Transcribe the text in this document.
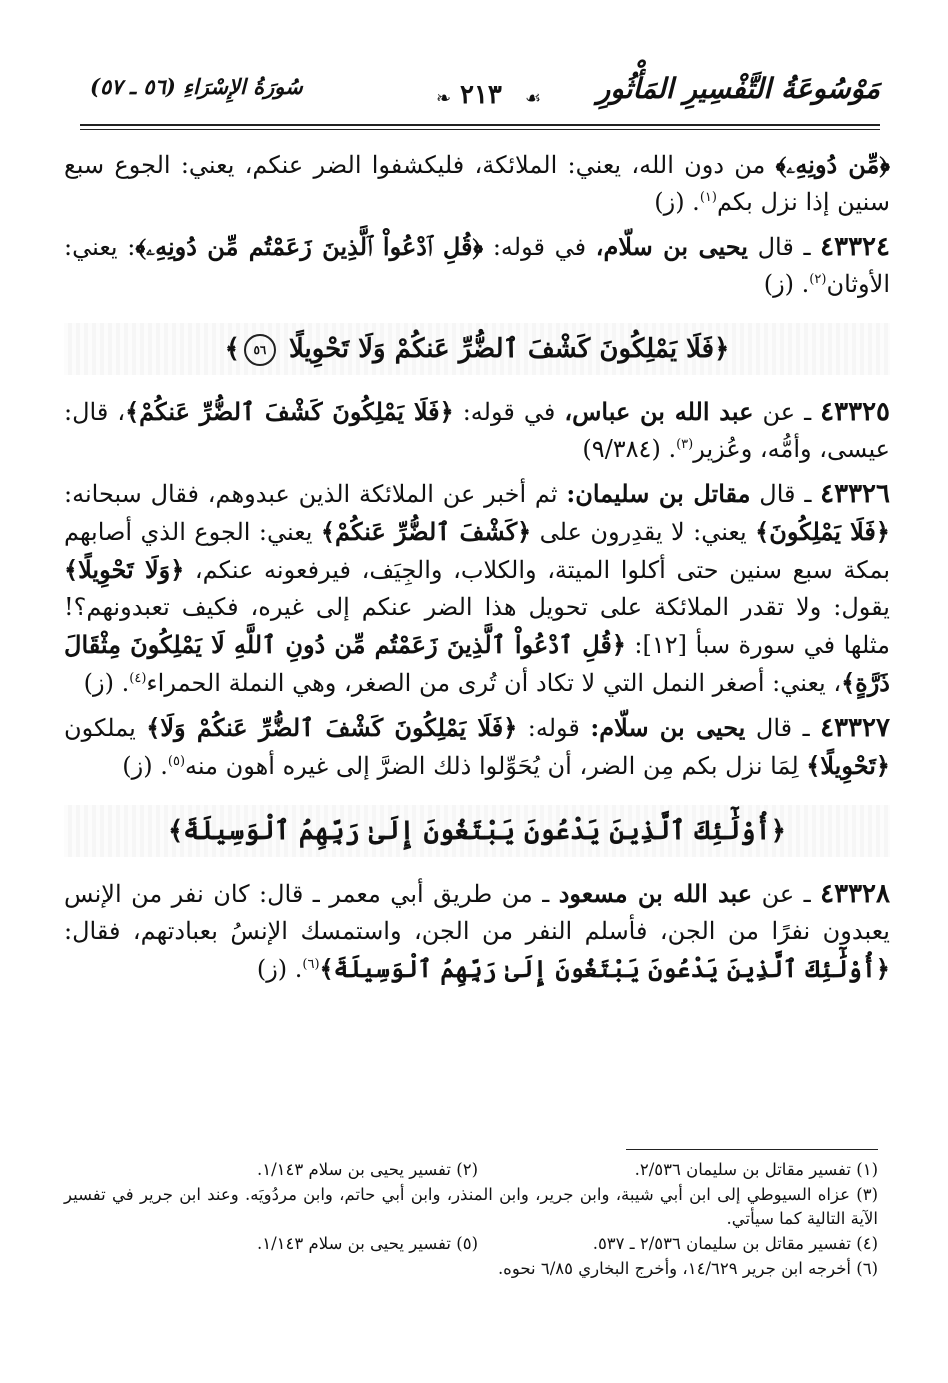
مَوْسُوعَةُ التَّفْسِيرِ المَأْثُورِ
❧ ٢١٣ ☙
سُورَةُ الإِسْرَاءِ (٥٦ ـ ٥٧)

﴿مِّن دُونِهِۦ﴾ من دون الله، يعني: الملائكة، فليكشفوا الضر عنكم، يعني: الجوع سبع سنين إذا نزل بكم$^{(١)}$. (ز)

٤٣٣٢٤ ـ قال يحيى بن سلّام، في قوله: ﴿قُلِ ٱدْعُواْ ٱلَّذِينَ زَعَمْتُم مِّن دُونِهِۦ﴾: يعني: الأوثان$^{(٢)}$. (ز)

﴿فَلَا يَمْلِكُونَ كَشْفَ ٱلضُّرِّ عَنكُمْ وَلَا تَحْوِيلًا ٥٦﴾

٤٣٣٢٥ ـ عن عبد الله بن عباس، في قوله: ﴿فَلَا يَمْلِكُونَ كَشْفَ ٱلضُّرِّ عَنكُمْ﴾، قال: عيسى، وأمُّه، وعُزير$^{(٣)}$. (٩/٣٨٤)

٤٣٣٢٦ ـ قال مقاتل بن سليمان: ثم أخبر عن الملائكة الذين عبدوهم، فقال سبحانه: ﴿فَلَا يَمْلِكُونَ﴾ يعني: لا يقدِرون على ﴿كَشْفَ ٱلضُّرِّ عَنكُمْ﴾ يعني: الجوع الذي أصابهم بمكة سبع سنين حتى أكلوا الميتة، والكلاب، والجِيَف، فيرفعونه عنكم، ﴿وَلَا تَحْوِيلًا﴾ يقول: ولا تقدر الملائكة على تحويل هذا الضر عنكم إلى غيره، فكيف تعبدونهم؟! مثلها في سورة سبأ [١٢]: ﴿قُلِ ٱدْعُواْ ٱلَّذِينَ زَعَمْتُم مِّن دُونِ ٱللَّهِ لَا يَمْلِكُونَ مِثْقَالَ ذَرَّةٍ﴾، يعني: أصغر النمل التي لا تكاد أن تُرى من الصغر، وهي النملة الحمراء$^{(٤)}$. (ز)

٤٣٣٢٧ ـ قال يحيى بن سلّام: قوله: ﴿فَلَا يَمْلِكُونَ كَشْفَ ٱلضُّرِّ عَنكُمْ وَلَا﴾ يملكون ﴿تَحْوِيلًا﴾ لِمَا نزل بكم مِن الضر، أن يُحَوِّلوا ذلك الضرَّ إلى غيره أهون منه$^{(٥)}$. (ز)

﴿أُوْلَٰٓئِكَ ٱلَّذِينَ يَدْعُونَ يَبْتَغُونَ إِلَىٰ رَبِّهِمُ ٱلْوَسِيلَةَ﴾

٤٣٣٢٨ ـ عن عبد الله بن مسعود ـ من طريق أبي معمر ـ قال: كان نفر من الإنس يعبدون نفرًا من الجن، فأسلم النفر من الجن، واستمسك الإنسُ بعبادتهم، فقال: ﴿أُوْلَٰٓئِكَ ٱلَّذِينَ يَدْعُونَ يَبْتَغُونَ إِلَىٰ رَبِّهِمُ ٱلْوَسِيلَةَ﴾$^{(٦)}$. (ز)

(١) تفسير مقاتل بن سليمان ٢/٥٣٦.
(٢) تفسير يحيى بن سلام ١/١٤٣.
(٣) عزاه السيوطي إلى ابن أبي شيبة، وابن جرير، وابن المنذر، وابن أبي حاتم، وابن مردُويَه. وعند ابن جرير في تفسير الآية التالية كما سيأتي.
(٤) تفسير مقاتل بن سليمان ٢/٥٣٦ ـ ٥٣٧.
(٥) تفسير يحيى بن سلام ١/١٤٣.
(٦) أخرجه ابن جرير ١٤/٦٢٩، وأخرج البخاري ٦/٨٥ نحوه.
